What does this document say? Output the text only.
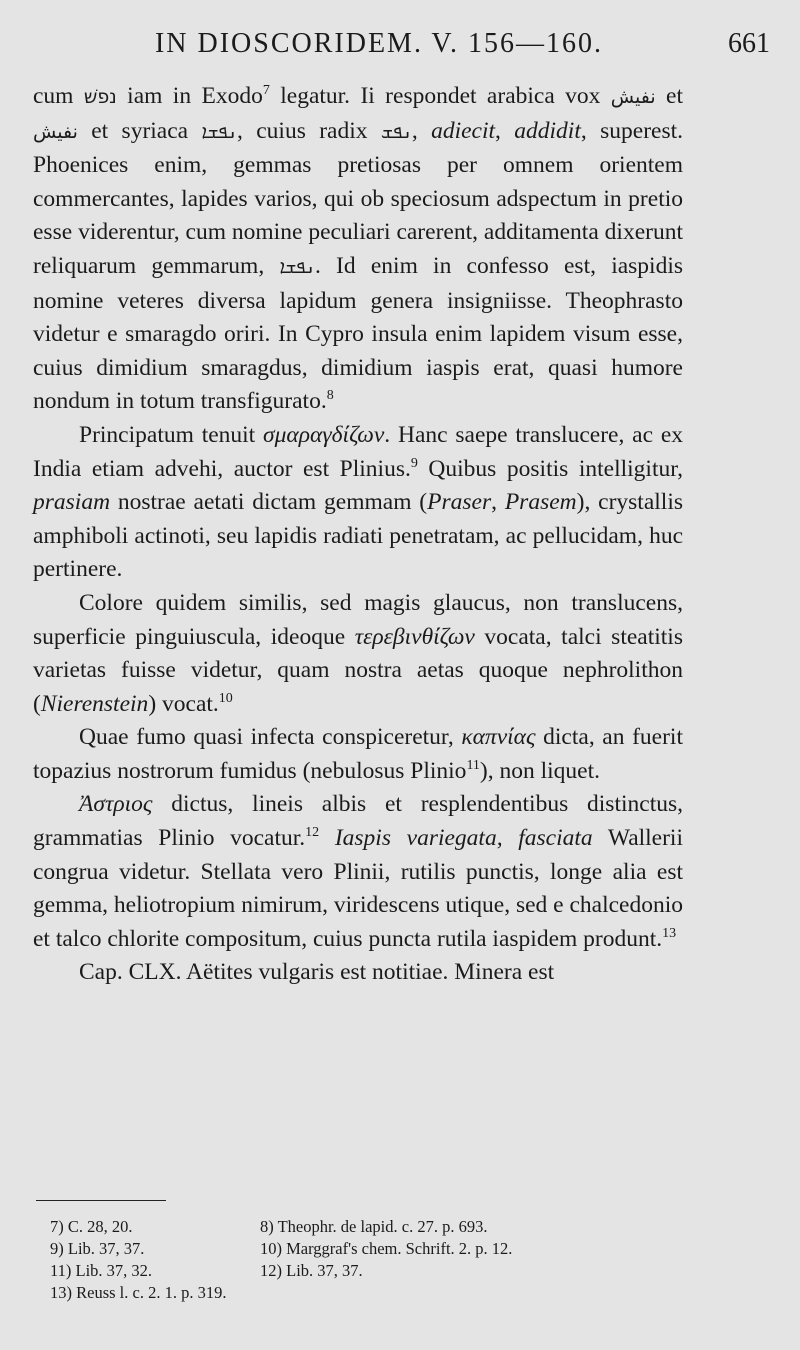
IN DIOSCORIDEM. V. 156—160.	661

cum נפשׁ iam in Exodo$^7$ legatur. Ii respondet arabica vox نفيش et نفيش et syriaca ܢܦܫܐ, cuius radix ܢܦܫ, adiecit, addidit, superest. Phoenices enim, gemmas pretiosas per omnem orientem commercantes, lapides varios, qui ob speciosum adspectum in pretio esse viderentur, cum nomine peculiari carerent, additamenta dixerunt reliquarum gemmarum, ܢܦܫܐ. Id enim in confesso est, iaspidis nomine veteres diversa lapidum genera insigniisse. Theophrasto videtur e smaragdo oriri. In Cypro insula enim lapidem visum esse, cuius dimidium smaragdus, dimidium iaspis erat, quasi humore nondum in totum transfigurato.$^8$

Principatum tenuit σμαραγδίζων. Hanc saepe translucere, ac ex India etiam advehi, auctor est Plinius.$^9$ Quibus positis intelligitur, prasiam nostrae aetati dictam gemmam (Praser, Prasem), crystallis amphiboli actinoti, seu lapidis radiati penetratam, ac pellucidam, huc pertinere.

Colore quidem similis, sed magis glaucus, non translucens, superficie pinguiuscula, ideoque τερεβινθίζων vocata, talci steatitis varietas fuisse videtur, quam nostra aetas quoque nephrolithon (Nierenstein) vocat.$^{10}$

Quae fumo quasi infecta conspiceretur, καπνίας dicta, an fuerit topazius nostrorum fumidus (nebulosus Plinio$^{11}$), non liquet.

Ἀστριος dictus, lineis albis et resplendentibus distinctus, grammatias Plinio vocatur.$^{12}$ Iaspis variegata, fasciata Wallerii congrua videtur. Stellata vero Plinii, rutilis punctis, longe alia est gemma, heliotropium nimirum, viridescens utique, sed e chalcedonio et talco chlorite compositum, cuius puncta rutila iaspidem produnt.$^{13}$

Cap. CLX. Aëtites vulgaris est notitiae. Minera est

7) C. 28, 20.	8) Theophr. de lapid. c. 27. p. 693.
9) Lib. 37, 37.	10) Marggraf's chem. Schrift. 2. p. 12.
11) Lib. 37, 32.	12) Lib. 37, 37.
13) Reuss l. c. 2. 1. p. 319.
